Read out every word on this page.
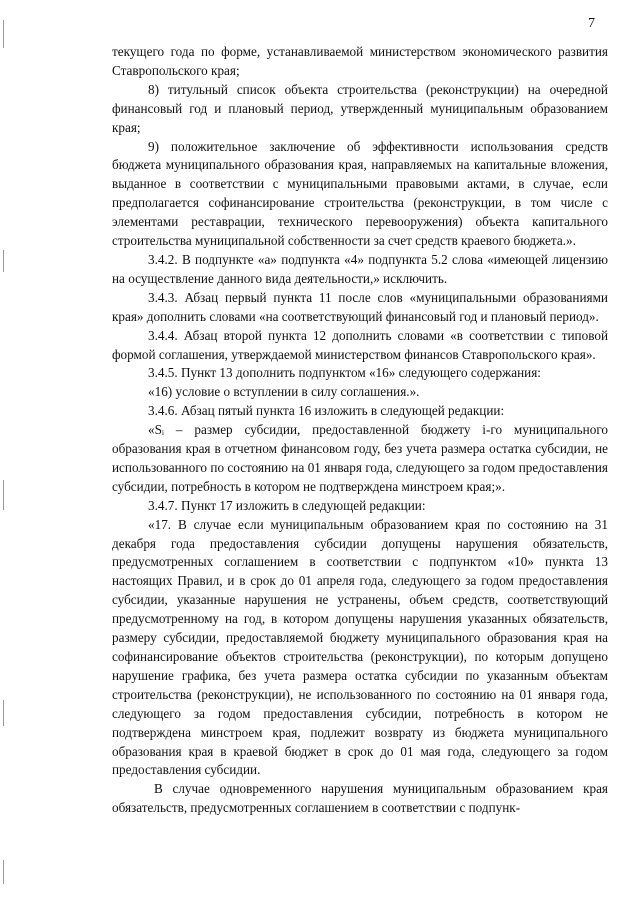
7

текущего года по форме, устанавливаемой министерством экономического развития Ставропольского края;

8) титульный список объекта строительства (реконструкции) на очередной финансовый год и плановый период, утвержденный муниципальным образованием края;

9) положительное заключение об эффективности использования средств бюджета муниципального образования края, направляемых на капитальные вложения, выданное в соответствии с муниципальными правовыми актами, в случае, если предполагается софинансирование строительства (реконструкции, в том числе с элементами реставрации, технического перевооружения) объекта капитального строительства муниципальной собственности за счет средств краевого бюджета.».

3.4.2. В подпункте «а» подпункта «4» подпункта 5.2 слова «имеющей лицензию на осуществление данного вида деятельности,» исключить.

3.4.3. Абзац первый пункта 11 после слов «муниципальными образованиями края» дополнить словами «на соответствующий финансовый год и плановый период».

3.4.4. Абзац второй пункта 12 дополнить словами «в соответствии с типовой формой соглашения, утверждаемой министерством финансов Ставропольского края».

3.4.5. Пункт 13 дополнить подпунктом «16» следующего содержания:

«16) условие о вступлении в силу соглашения.».

3.4.6. Абзац пятый пункта 16 изложить в следующей редакции:

«Sᵢ – размер субсидии, предоставленной бюджету i-го муниципального образования края в отчетном финансовом году, без учета размера остатка субсидии, не использованного по состоянию на 01 января года, следующего за годом предоставления субсидии, потребность в котором не подтверждена минстроем края;».

3.4.7. Пункт 17 изложить в следующей редакции:

«17. В случае если муниципальным образованием края по состоянию на 31 декабря года предоставления субсидии допущены нарушения обязательств, предусмотренных соглашением в соответствии с подпунктом «10» пункта 13 настоящих Правил, и в срок до 01 апреля года, следующего за годом предоставления субсидии, указанные нарушения не устранены, объем средств, соответствующий предусмотренному на год, в котором допущены нарушения указанных обязательств, размеру субсидии, предоставляемой бюджету муниципального образования края на софинансирование объектов строительства (реконструкции), по которым допущено нарушение графика, без учета размера остатка субсидии по указанным объектам строительства (реконструкции), не использованного по состоянию на 01 января года, следующего за годом предоставления субсидии, потребность в котором не подтверждена минстроем края, подлежит возврату из бюджета муниципального образования края в краевой бюджет в срок до 01 мая года, следующего за годом предоставления субсидии.

В случае одновременного нарушения муниципальным образованием края обязательств, предусмотренных соглашением в соответствии с подпунк-
